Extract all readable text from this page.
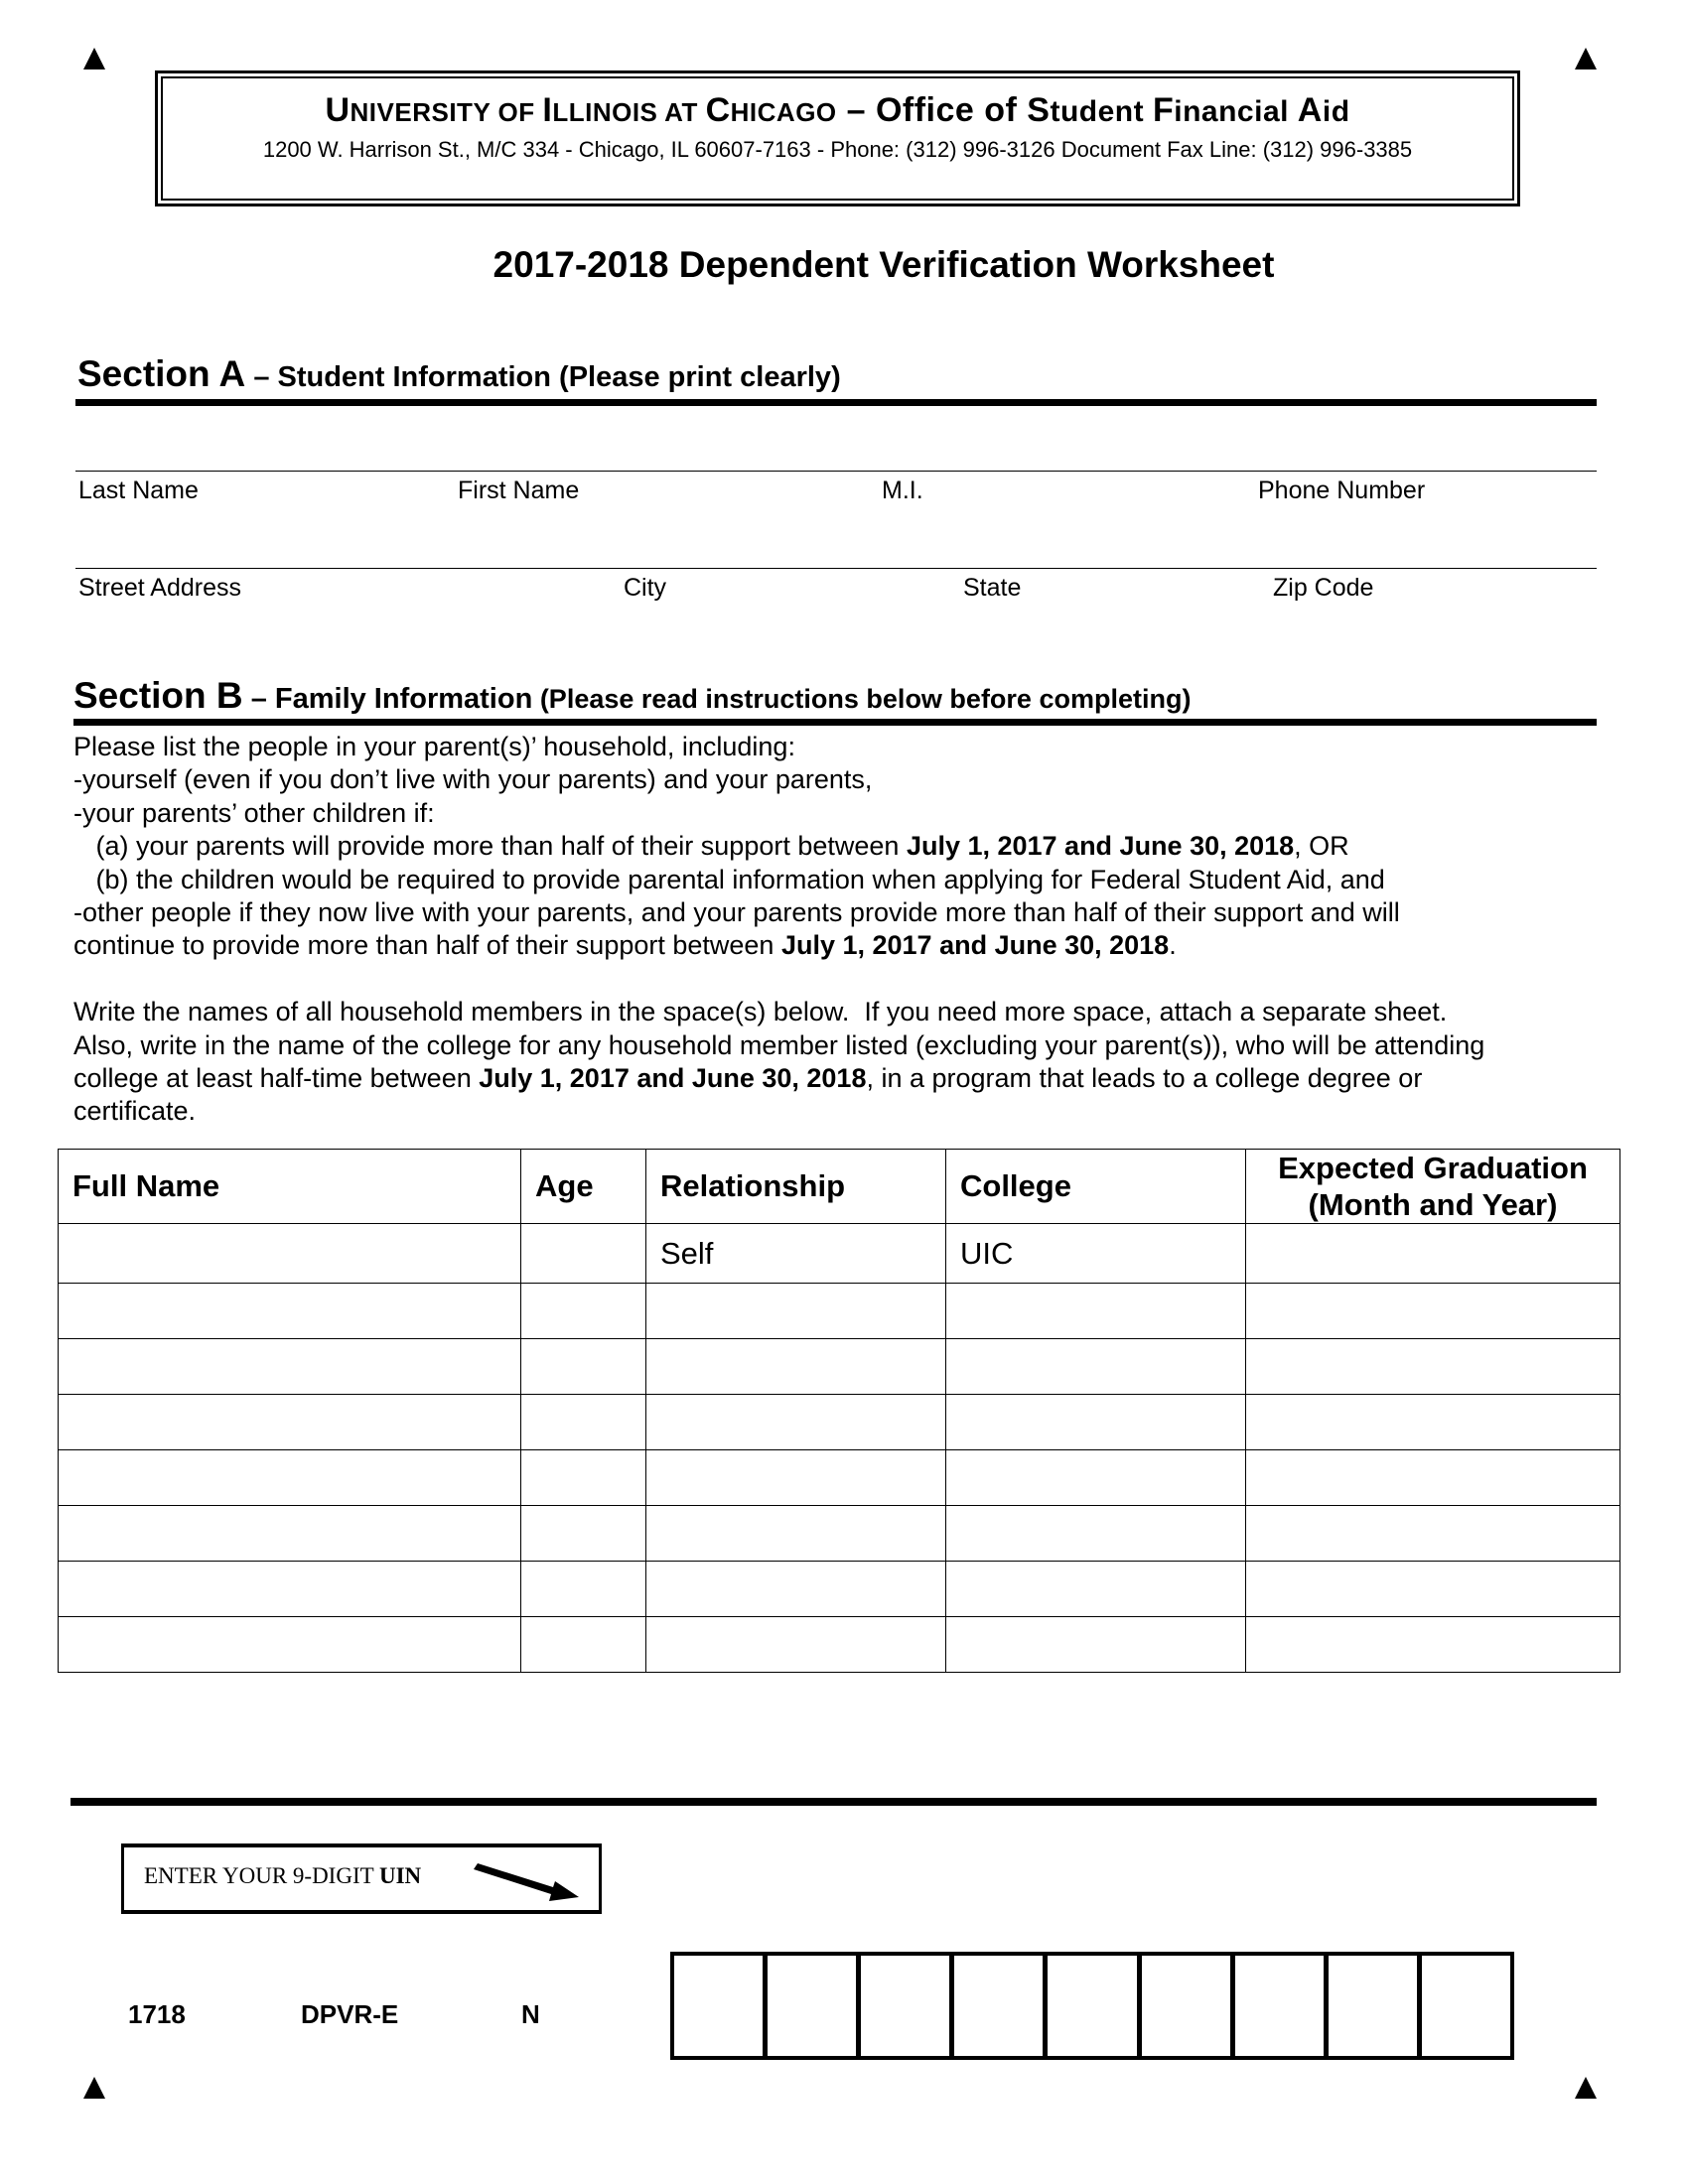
UNIVERSITY OF ILLINOIS AT CHICAGO – Office of Student Financial Aid
1200 W. Harrison St., M/C 334 - Chicago, IL 60607-7163 - Phone: (312) 996-3126 Document Fax Line: (312) 996-3385
2017-2018 Dependent Verification Worksheet
Section A – Student Information (Please print clearly)
Last Name	First Name	M.I.	Phone Number
Street Address	City	State	Zip Code
Section B – Family Information (Please read instructions below before completing)
Please list the people in your parent(s)’ household, including:
-yourself (even if you don’t live with your parents) and your parents,
-your parents’ other children if:
(a) your parents will provide more than half of their support between July 1, 2017 and June 30, 2018, OR
(b) the children would be required to provide parental information when applying for Federal Student Aid, and
-other people if they now live with your parents, and your parents provide more than half of their support and will
continue to provide more than half of their support between July 1, 2017 and June 30, 2018.
Write the names of all household members in the space(s) below.  If you need more space, attach a separate sheet.
Also, write in the name of the college for any household member listed (excluding your parent(s)), who will be attending
college at least half-time between July 1, 2017 and June 30, 2018, in a program that leads to a college degree or
certificate.
Full Name	Age	Relationship	College	Expected Graduation
(Month and Year)
		Self	UIC	

ENTER YOUR 9-DIGIT UIN
1718	DPVR-E	N
